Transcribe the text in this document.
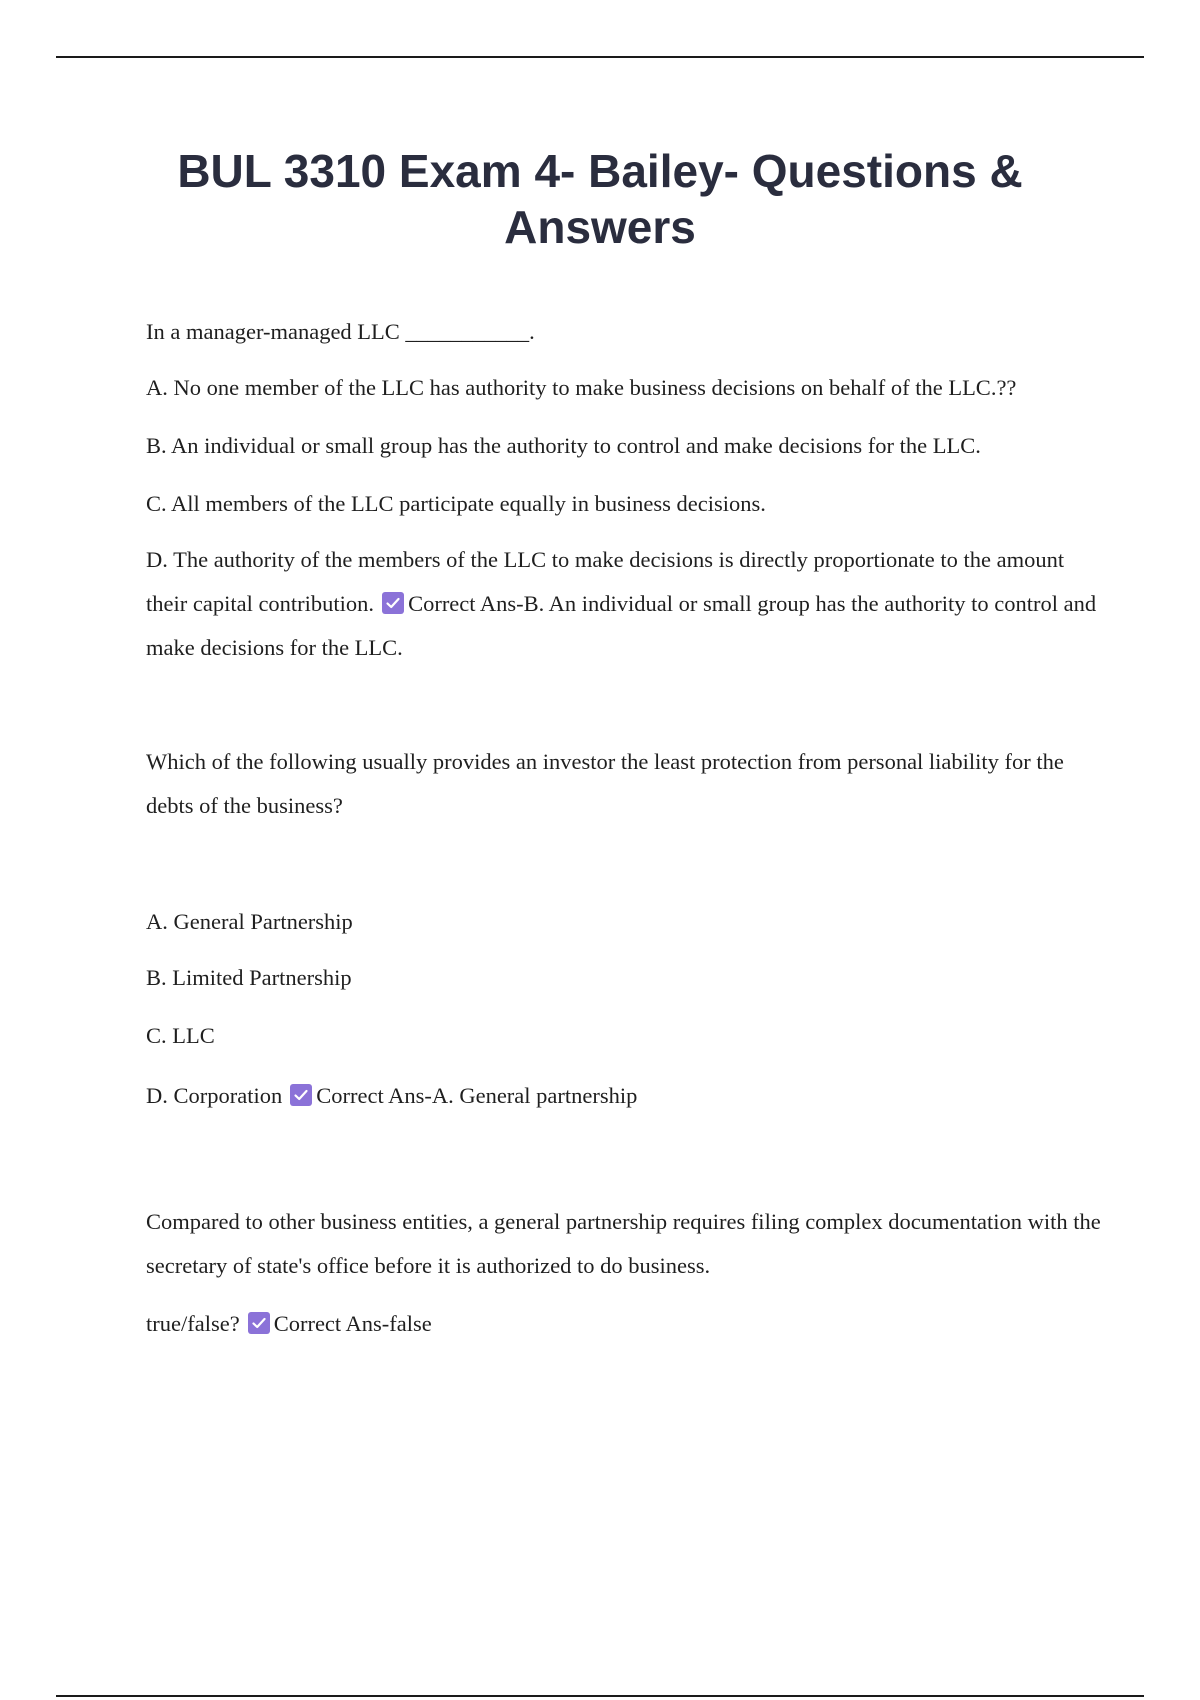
BUL 3310 Exam 4- Bailey- Questions &
Answers

In a manager-managed LLC ___________.

A. No one member of the LLC has authority to make business decisions on behalf of the LLC.??

B. An individual or small group has the authority to control and make decisions for the LLC.

C. All members of the LLC participate equally in business decisions.

D. The authority of the members of the LLC to make decisions is directly proportionate to the amount their capital contribution. Correct Ans-B. An individual or small group has the authority to control and make decisions for the LLC.

Which of the following usually provides an investor the least protection from personal liability for the debts of the business?

A. General Partnership

B. Limited Partnership

C. LLC

D. Corporation Correct Ans-A. General partnership

Compared to other business entities, a general partnership requires filing complex documentation with the secretary of state's office before it is authorized to do business.

true/false? Correct Ans-false
